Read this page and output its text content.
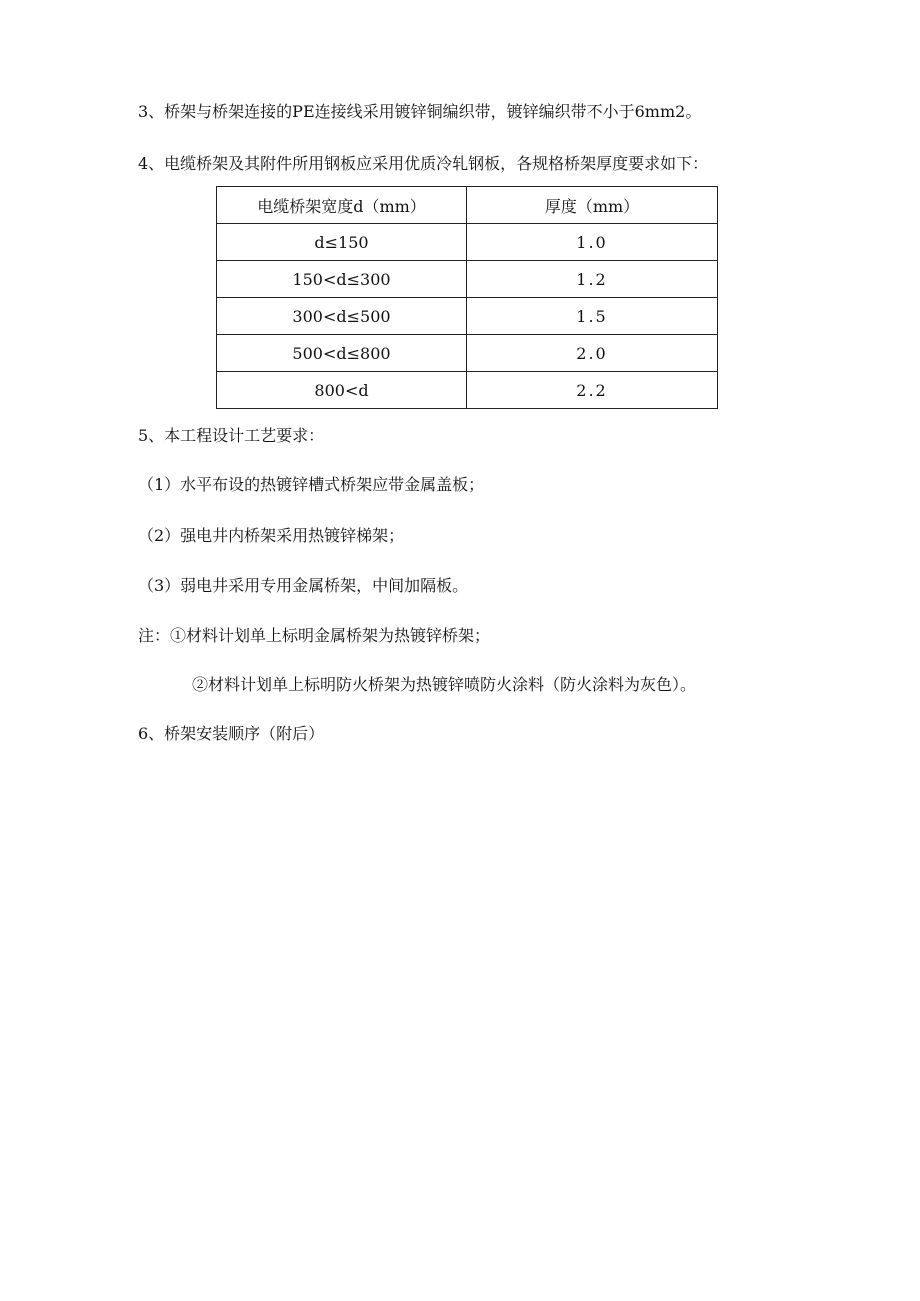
3、桥架与桥架连接的PE连接线采用镀锌铜编织带，镀锌编织带不小于6mm2。
4、电缆桥架及其附件所用钢板应采用优质冷轧钢板，各规格桥架厚度要求如下：
电缆桥架宽度d（mm）	厚度（mm）
d≤150	1.0
150<d≤300	1.2
300<d≤500	1.5
500<d≤800	2.0
800<d	2.2
5、本工程设计工艺要求：
（1）水平布设的热镀锌槽式桥架应带金属盖板；
（2）强电井内桥架采用热镀锌梯架；
（3）弱电井采用专用金属桥架，中间加隔板。
注：①材料计划单上标明金属桥架为热镀锌桥架；
②材料计划单上标明防火桥架为热镀锌喷防火涂料（防火涂料为灰色）。
6、桥架安装顺序（附后）
